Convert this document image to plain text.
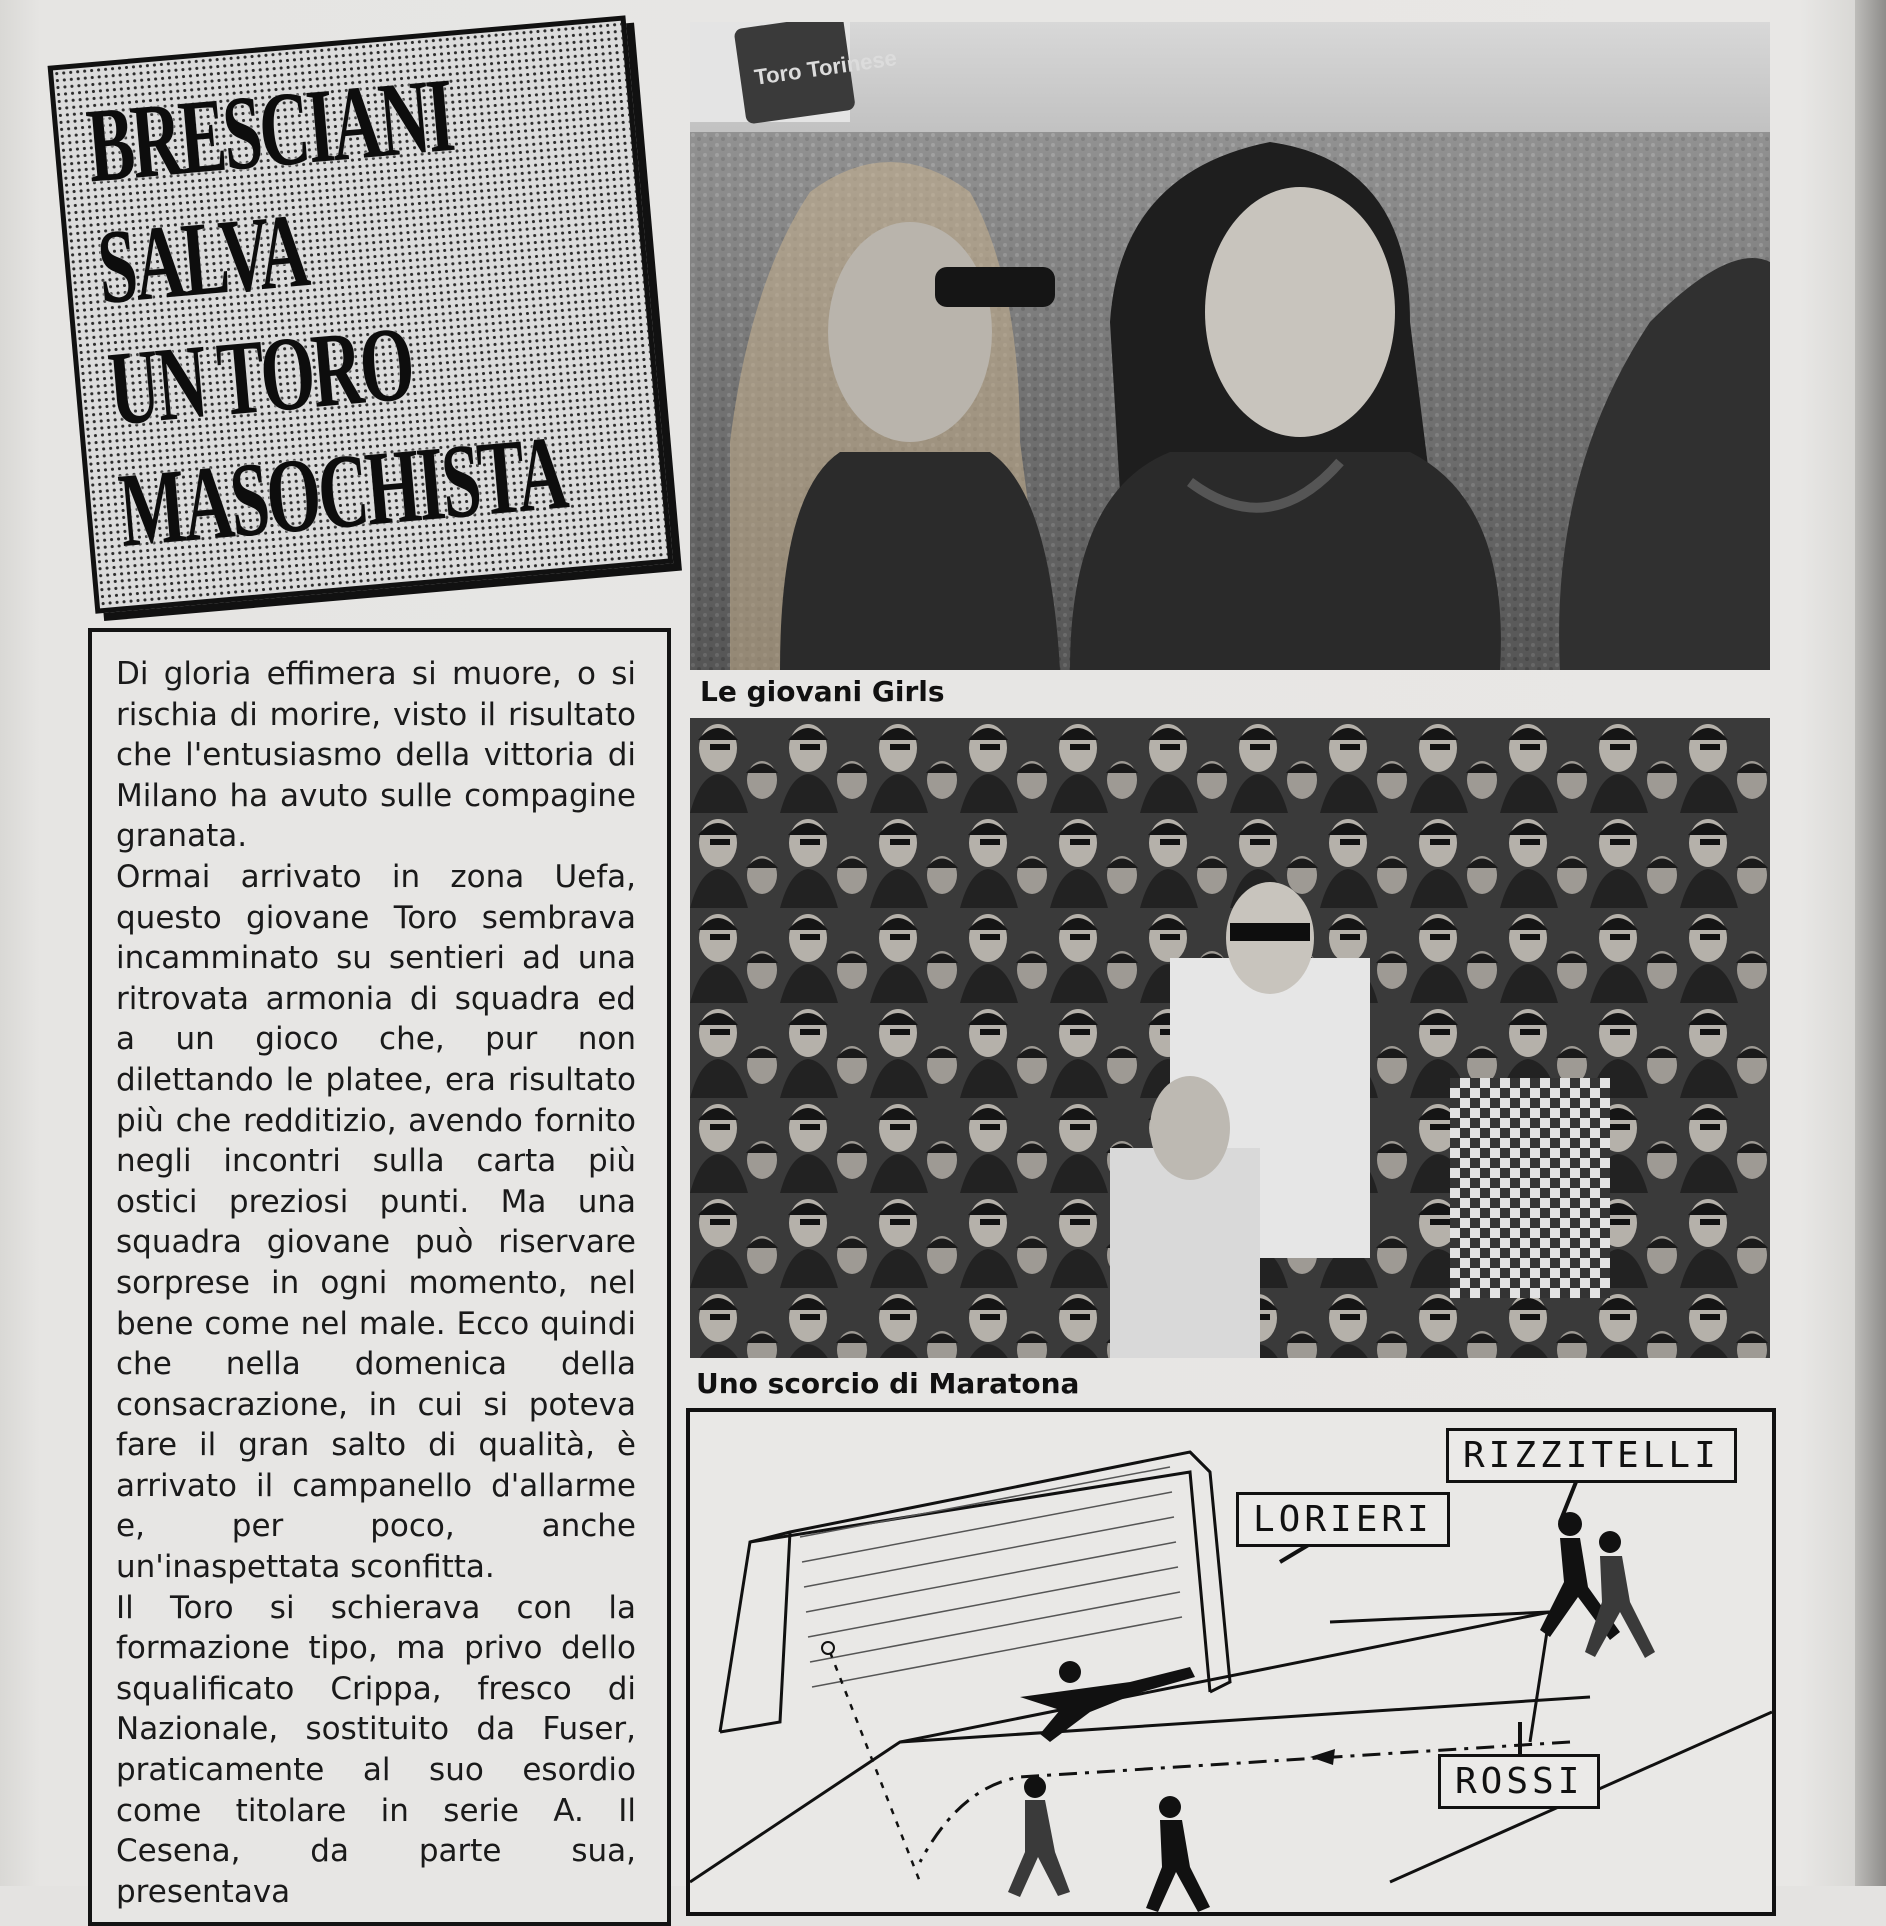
BRESCIANI
SALVA
UN TORO
MASOCHISTA

Di gloria effimera si muore, o si rischia di morire, visto il risultato che l'entusiasmo della vittoria di Milano ha avuto sulle compagine granata.

Ormai arrivato in zona Uefa, questo giovane Toro sembrava incamminato su sentieri ad una ritrovata armonia di squadra ed a un gioco che, pur non dilettando le platee, era risultato più che redditizio, avendo fornito negli incontri sulla carta più ostici preziosi punti. Ma una squadra giovane può riservare sorprese in ogni momento, nel bene come nel male. Ecco quindi che nella domenica della consacrazione, in cui si poteva fare il gran salto di qualità, è arrivato il campanello d'allarme e, per poco, anche un'inaspettata sconfitta.

Il Toro si schierava con la formazione tipo, ma privo dello squalificato Crippa, fresco di Nazionale, sostituito da Fuser, praticamente al suo esordio come titolare in serie A. Il Cesena, da parte sua, presentava

Toro Torinese
Le giovani Girls
Uno scorcio di Maratona
RIZZITELLI
LORIERI
ROSSI
